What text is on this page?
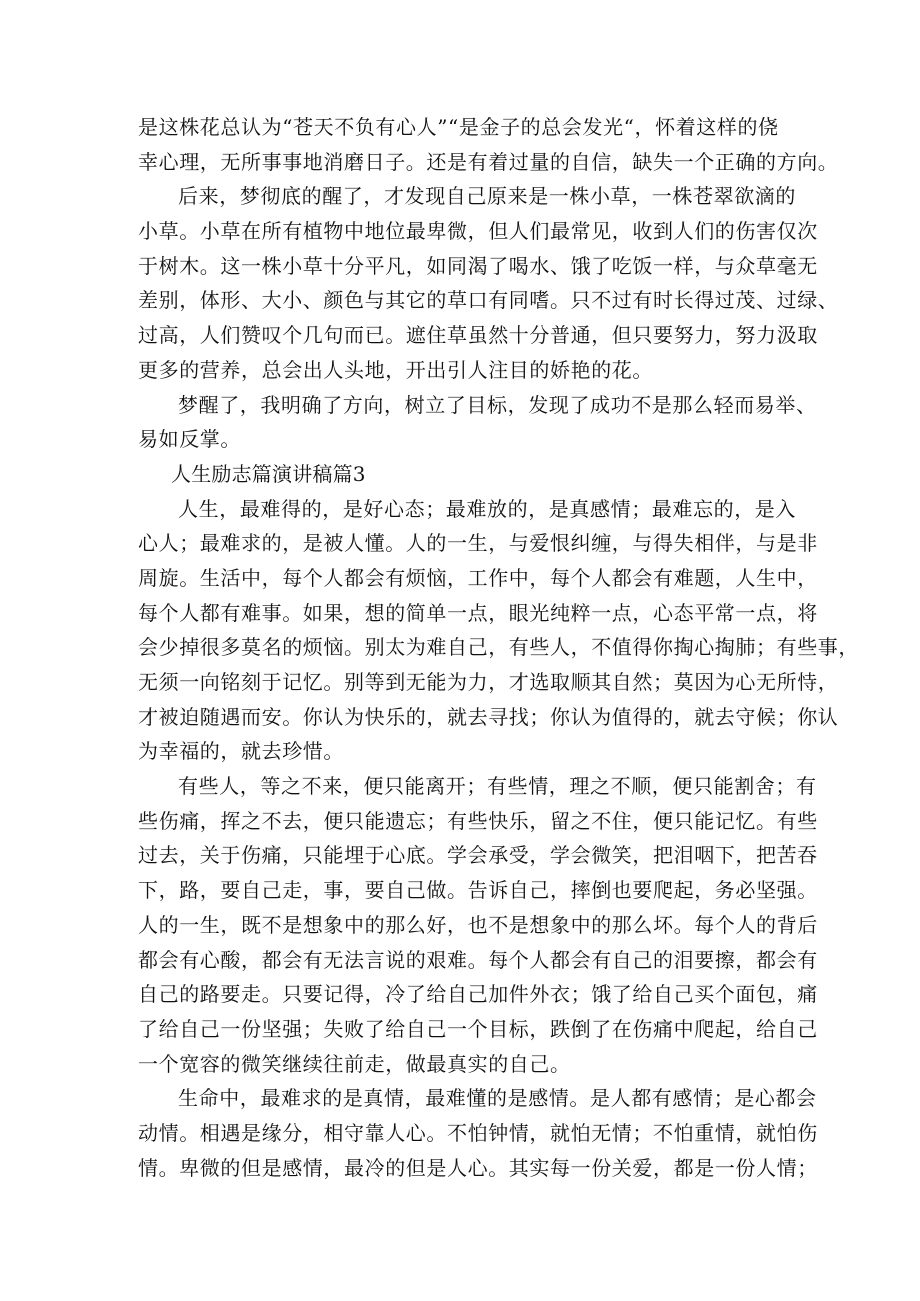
是这株花总认为“苍天不负有心人”“是金子的总会发光“，怀着这样的侥

幸心理，无所事事地消磨日子。还是有着过量的自信，缺失一个正确的方向。

后来，梦彻底的醒了，才发现自己原来是一株小草，一株苍翠欲滴的

小草。小草在所有植物中地位最卑微，但人们最常见，收到人们的伤害仅次

于树木。这一株小草十分平凡，如同渴了喝水、饿了吃饭一样，与众草毫无

差别，体形、大小、颜色与其它的草口有同嗜。只不过有时长得过茂、过绿、

过高，人们赞叹个几句而已。遮住草虽然十分普通，但只要努力，努力汲取

更多的营养，总会出人头地，开出引人注目的娇艳的花。

梦醒了，我明确了方向，树立了目标，发现了成功不是那么轻而易举、

易如反掌。

人生励志篇演讲稿篇3

人生，最难得的，是好心态；最难放的，是真感情；最难忘的，是入

心人；最难求的，是被人懂。人的一生，与爱恨纠缠，与得失相伴，与是非

周旋。生活中，每个人都会有烦恼，工作中，每个人都会有难题，人生中，

每个人都有难事。如果，想的简单一点，眼光纯粹一点，心态平常一点，将

会少掉很多莫名的烦恼。别太为难自己，有些人，不值得你掏心掏肺；有些事，

无须一向铭刻于记忆。别等到无能为力，才选取顺其自然；莫因为心无所恃，

才被迫随遇而安。你认为快乐的，就去寻找；你认为值得的，就去守候；你认

为幸福的，就去珍惜。

有些人，等之不来，便只能离开；有些情，理之不顺，便只能割舍；有

些伤痛，挥之不去，便只能遗忘；有些快乐，留之不住，便只能记忆。有些

过去，关于伤痛，只能埋于心底。学会承受，学会微笑，把泪咽下，把苦吞

下，路，要自己走，事，要自己做。告诉自己，摔倒也要爬起，务必坚强。

人的一生，既不是想象中的那么好，也不是想象中的那么坏。每个人的背后

都会有心酸，都会有无法言说的艰难。每个人都会有自己的泪要擦，都会有

自己的路要走。只要记得，冷了给自己加件外衣；饿了给自己买个面包，痛

了给自己一份坚强；失败了给自己一个目标，跌倒了在伤痛中爬起，给自己

一个宽容的微笑继续往前走，做最真实的自己。

生命中，最难求的是真情，最难懂的是感情。是人都有感情；是心都会

动情。相遇是缘分，相守靠人心。不怕钟情，就怕无情；不怕重情，就怕伤

情。卑微的但是感情，最冷的但是人心。其实每一份关爱，都是一份人情；
